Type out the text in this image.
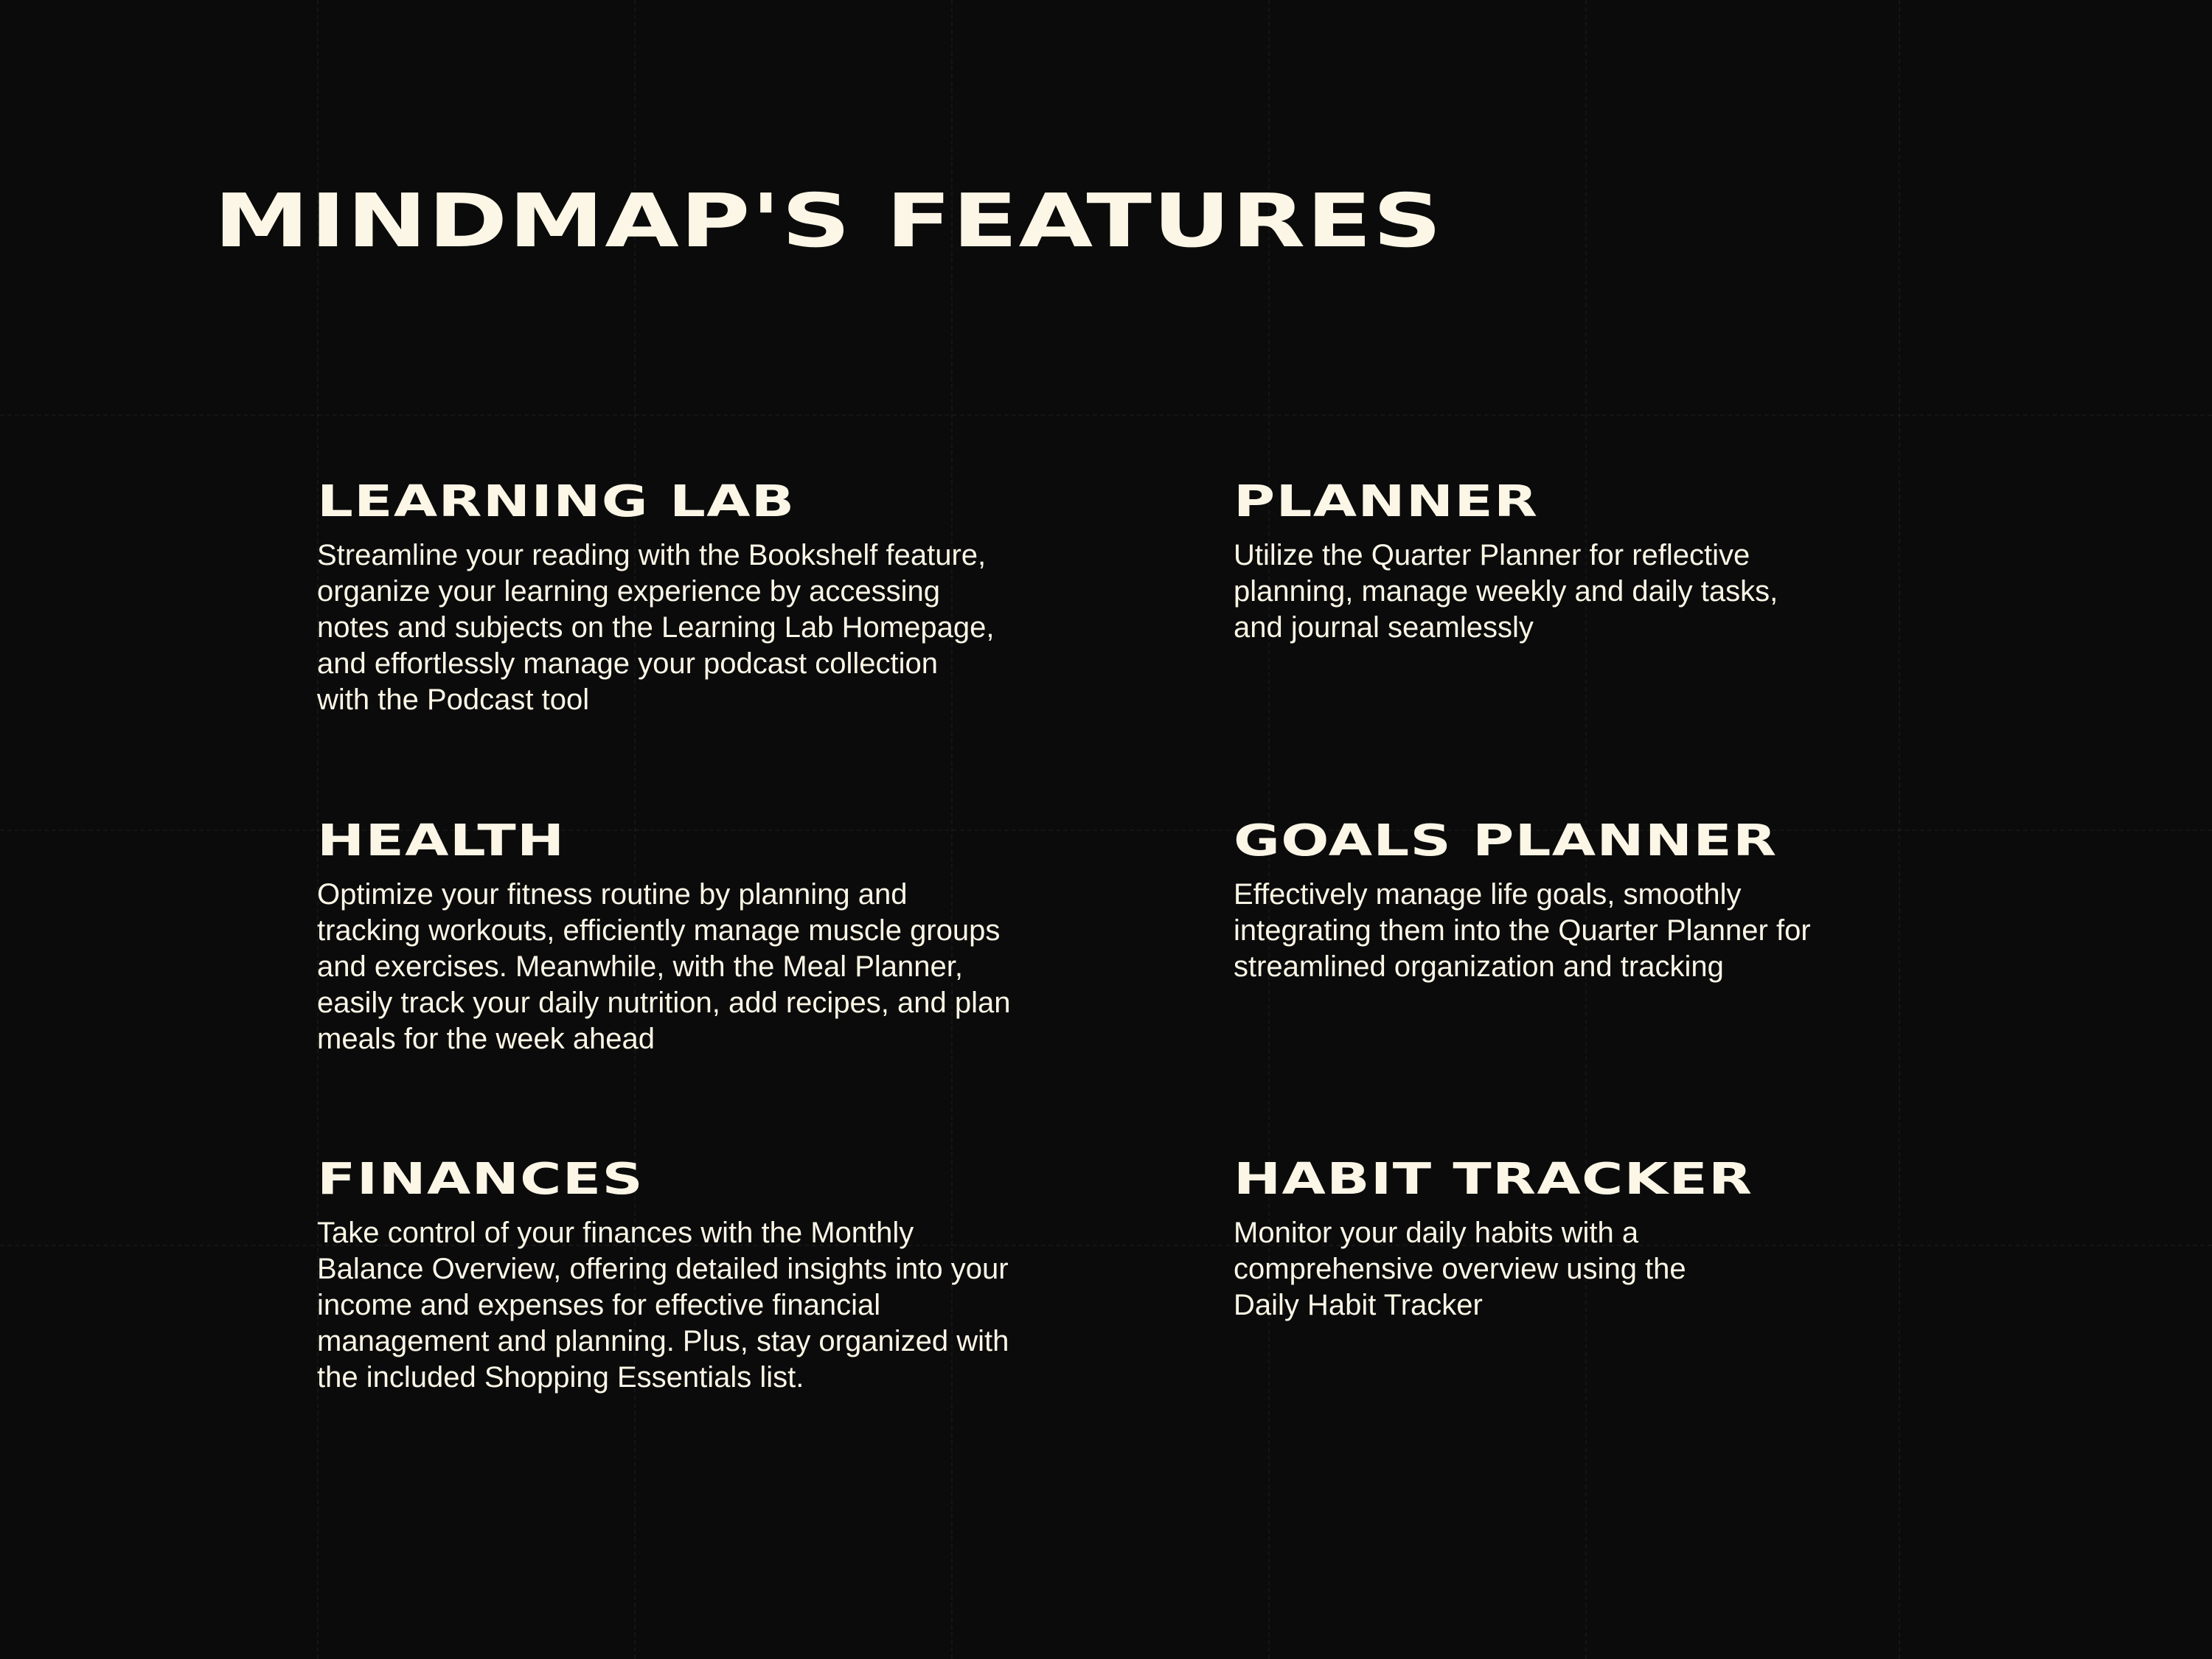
MINDMAP'S FEATURES
LEARNING LAB

Streamline your reading with the Bookshelf feature,
organize your learning experience by accessing
notes and subjects on the Learning Lab Homepage,
and effortlessly manage your podcast collection
with the Podcast tool

PLANNER

Utilize the Quarter Planner for reflective
planning, manage weekly and daily tasks,
and journal seamlessly

HEALTH

Optimize your fitness routine by planning and
tracking workouts, efficiently manage muscle groups
and exercises. Meanwhile, with the Meal Planner,
easily track your daily nutrition, add recipes, and plan
meals for the week ahead

GOALS PLANNER

Effectively manage life goals, smoothly
integrating them into the Quarter Planner for
streamlined organization and tracking

FINANCES

Take control of your finances with the Monthly
Balance Overview, offering detailed insights into your
income and expenses for effective financial
management and planning. Plus, stay organized with
the included Shopping Essentials list.

HABIT TRACKER

Monitor your daily habits with a
comprehensive overview using the
Daily Habit Tracker
